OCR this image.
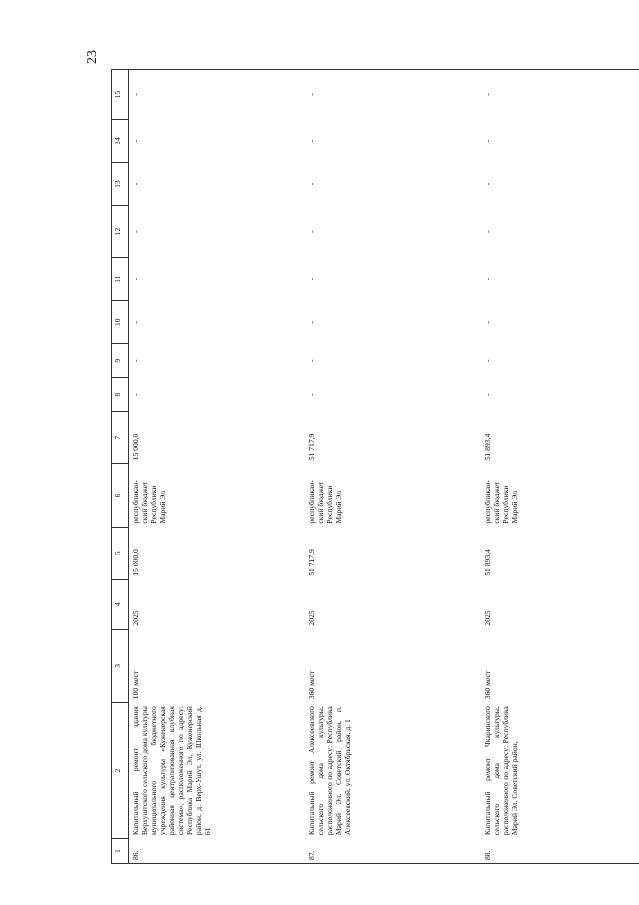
23
1	2	3	4	5	6	7	8	9	10	11	12	13	14	15
86.	Капитальный ремонт здания Верхуштского сельского дома культуры муниципального бюджетного учреждения культуры «Куженерская районная централизованная клубная система», расположенного по адресу: Республика Марий Эл, Куженерский район, д. Верх-Ушут, ул. Школьная д. 61	100 мест	2025	15 000,0	республикан-ский бюджет Республики Марий Эл	15 000,0	-	-	-	-	-	-	-	-
87.	Капитальный ремонт Алексеевского сельского дома культуры, расположенного по адресу: Республика Марий Эл, Советский район, п. Алексеевский, ул. Октябрьская, д. 1	360 мест	2025	51 717,9	республикан-ский бюджет Республики Марий Эл	51 717,9	-	-	-	-	-	-	-	-
88.	Капитальный ремонт Чкаринского сельского дома культуры, расположенного по адресу: Республика Марий Эл, Советский район,	360 мест	2025	51 893,4	республикан-ский бюджет Республики Марий Эл	51 893,4	-	-	-	-	-	-	-	-
